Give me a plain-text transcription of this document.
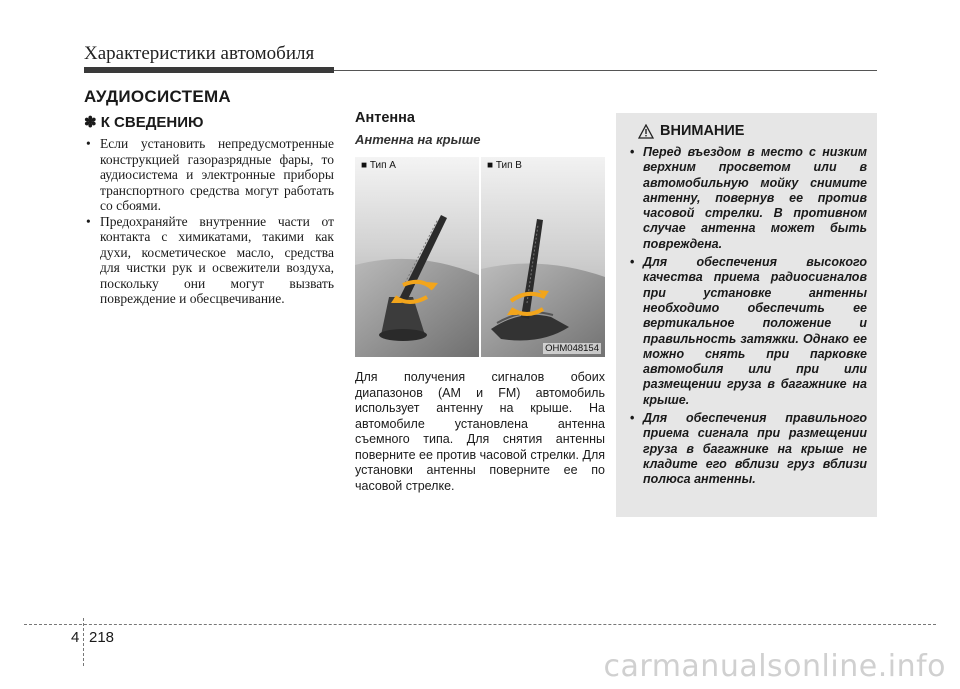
Характеристики автомобиля
АУДИОСИСТЕМА
✽ К СВЕДЕНИЮ
• Если установить непредусмотренные конструкцией газоразрядные фары, то аудиосистема и электронные приборы транспортного средства могут работать со сбоями.
• Предохраняйте внутренние части от контакта с химикатами, такими как духи, косметическое масло, средства для чистки рук и освежители воздуха, поскольку они могут вызвать повреждение и обесцвечивание.
Антенна
Антенна на крыше
■ Тип A	■ Тип B
OHM048154
Для получения сигналов обоих диапазонов (AM и FM) автомобиль использует антенну на крыше. На автомобиле установлена антенна съемного типа. Для снятия антенны поверните ее против часовой стрелки. Для установки антенны поверните ее по часовой стрелке.
ВНИМАНИЕ
• Перед въездом в место с низким верхним просветом или в автомобильную мойку снимите антенну, повернув ее против часовой стрелки. В противном случае антенна может быть повреждена.
• Для обеспечения высокого качества приема радиосигналов при установке антенны необходимо обеспечить ее вертикальное положение и правильность затяжки. Однако ее можно снять при парковке автомобиля или при или размещении груза в багажнике на крыше.
• Для обеспечения правильного приема сигнала при размещении груза в багажнике на крыше не кладите его вблизи груз вблизи полюса антенны.
4 218
carmanualsonline.info
